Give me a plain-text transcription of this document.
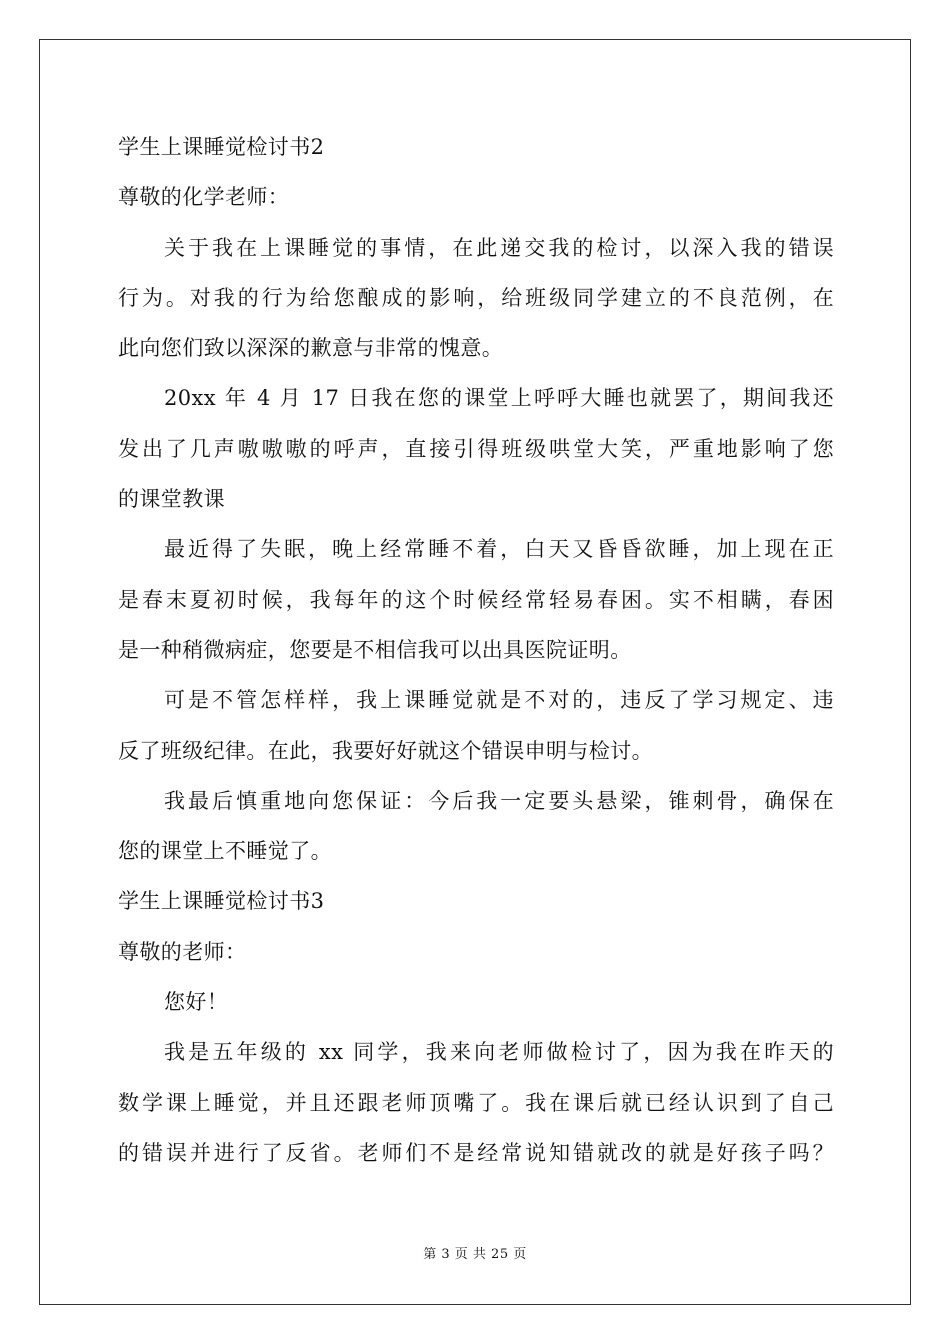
学生上课睡觉检讨书2

尊敬的化学老师：

关于我在上课睡觉的事情，在此递交我的检讨，以深入我的错误

行为。对我的行为给您酿成的影响，给班级同学建立的不良范例，在

此向您们致以深深的歉意与非常的愧意。

20xx 年 4 月 17 日我在您的课堂上呼呼大睡也就罢了，期间我还

发出了几声嗷嗷嗷的呼声，直接引得班级哄堂大笑，严重地影响了您

的课堂教课

最近得了失眠，晚上经常睡不着，白天又昏昏欲睡，加上现在正

是春末夏初时候，我每年的这个时候经常轻易春困。实不相瞒，春困

是一种稍微病症，您要是不相信我可以出具医院证明。

可是不管怎样样，我上课睡觉就是不对的，违反了学习规定、违

反了班级纪律。在此，我要好好就这个错误申明与检讨。

我最后慎重地向您保证：今后我一定要头悬梁，锥刺骨，确保在

您的课堂上不睡觉了。

学生上课睡觉检讨书3

尊敬的老师：

您好！

我是五年级的 xx 同学，我来向老师做检讨了，因为我在昨天的

数学课上睡觉，并且还跟老师顶嘴了。我在课后就已经认识到了自己

的错误并进行了反省。老师们不是经常说知错就改的就是好孩子吗？

第 3 页 共 25 页
